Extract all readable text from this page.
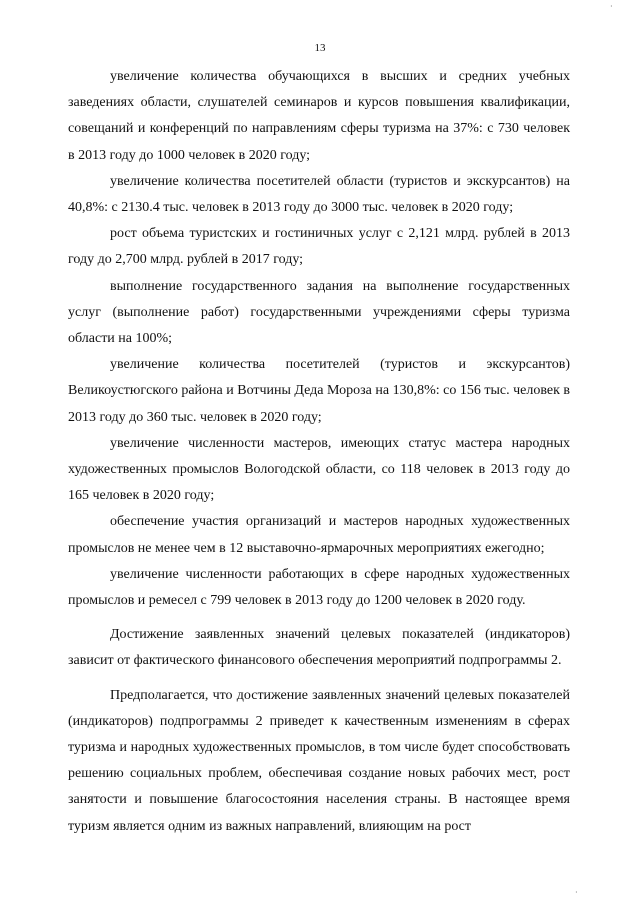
13

увеличение количества обучающихся в высших и средних учебных заведениях области, слушателей семинаров и курсов повышения квалификации, совещаний и конференций по направлениям сферы туризма на 37%: с 730 человек в 2013 году до 1000 человек в 2020 году;

увеличение количества посетителей области (туристов и экскурсантов) на 40,8%: с 2130.4 тыс. человек в 2013 году до 3000 тыс. человек в 2020 году;

рост объема туристских и гостиничных услуг с 2,121 млрд. рублей в 2013 году до 2,700 млрд. рублей в 2017 году;

выполнение государственного задания на выполнение государственных услуг (выполнение работ) государственными учреждениями сферы туризма области на 100%;

увеличение количества посетителей (туристов и экскурсантов) Великоустюгского района и Вотчины Деда Мороза на 130,8%: со 156 тыс. человек в 2013 году до 360 тыс. человек в 2020 году;

увеличение численности мастеров, имеющих статус мастера народных художественных промыслов Вологодской области, со 118 человек в 2013 году до 165 человек в 2020 году;

обеспечение участия организаций и мастеров народных художественных промыслов не менее чем в 12 выставочно-ярмарочных мероприятиях ежегодно;

увеличение численности работающих в сфере народных художественных промыслов и ремесел с 799 человек в 2013 году до 1200 человек в 2020 году.

Достижение заявленных значений целевых показателей (индикаторов) зависит от фактического финансового обеспечения мероприятий подпрограммы 2.

Предполагается, что достижение заявленных значений целевых показателей (индикаторов) подпрограммы 2 приведет к качественным изменениям в сферах туризма и народных художественных промыслов, в том числе будет способствовать решению социальных проблем, обеспечивая создание новых рабочих мест, рост занятости и повышение благосостояния населения страны. В настоящее время туризм является одним из важных направлений, влияющим на рост

·
·
